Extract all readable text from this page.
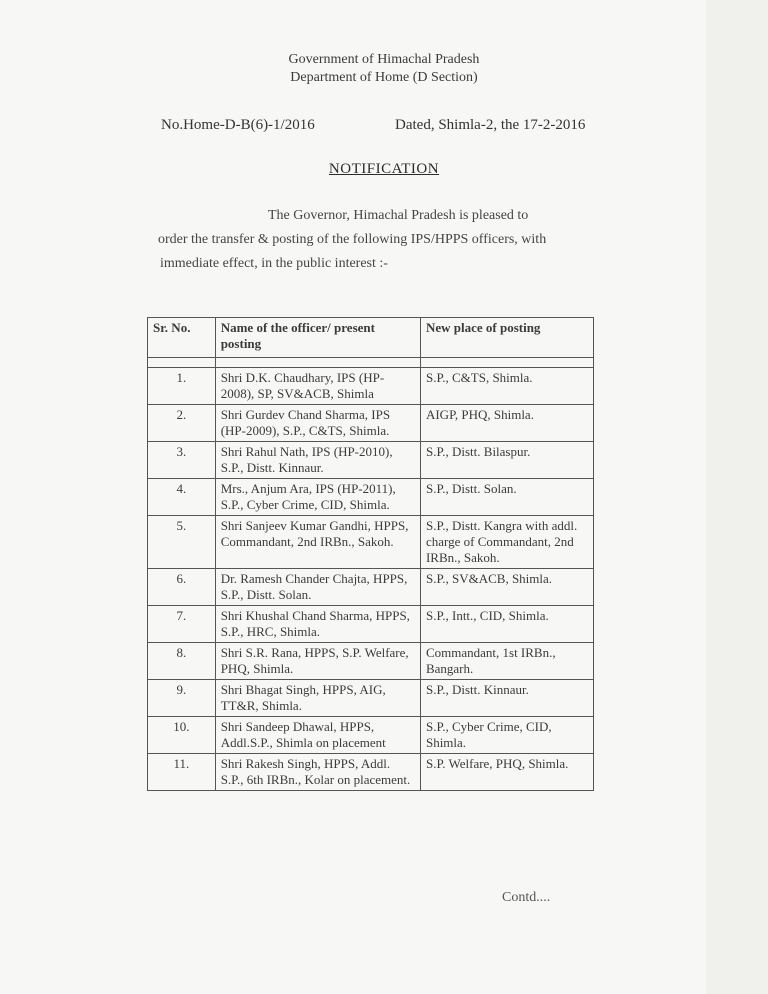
Government of Himachal Pradesh
Department of Home (D Section)
No.Home-D-B(6)-1/2016	Dated, Shimla-2, the 17-2-2016
NOTIFICATION

The Governor, Himachal Pradesh is pleased to

order the transfer & posting of the following IPS/HPPS officers, with

immediate effect, in the public interest :-

Sr. No.	Name of the officer/ present posting	New place of posting

1.	Shri D.K. Chaudhary, IPS (HP-2008), SP, SV&ACB, Shimla	S.P., C&TS, Shimla.
2.	Shri Gurdev Chand Sharma, IPS (HP-2009), S.P., C&TS, Shimla.	AIGP, PHQ, Shimla.
3.	Shri Rahul Nath, IPS (HP-2010), S.P., Distt. Kinnaur.	S.P., Distt. Bilaspur.
4.	Mrs., Anjum Ara, IPS (HP-2011), S.P., Cyber Crime, CID, Shimla.	S.P., Distt. Solan.
5.	Shri Sanjeev Kumar Gandhi, HPPS, Commandant, 2nd IRBn., Sakoh.	S.P., Distt. Kangra with addl. charge of Commandant, 2nd IRBn., Sakoh.
6.	Dr. Ramesh Chander Chajta, HPPS, S.P., Distt. Solan.	S.P., SV&ACB, Shimla.
7.	Shri Khushal Chand Sharma, HPPS, S.P., HRC, Shimla.	S.P., Intt., CID, Shimla.
8.	Shri S.R. Rana, HPPS, S.P. Welfare, PHQ, Shimla.	Commandant, 1st IRBn., Bangarh.
9.	Shri Bhagat Singh, HPPS, AIG, TT&R, Shimla.	S.P., Distt. Kinnaur.
10.	Shri Sandeep Dhawal, HPPS, Addl.S.P., Shimla on placement	S.P., Cyber Crime, CID, Shimla.
11.	Shri Rakesh Singh, HPPS, Addl. S.P., 6th IRBn., Kolar on placement.	S.P. Welfare, PHQ, Shimla.
Contd....
